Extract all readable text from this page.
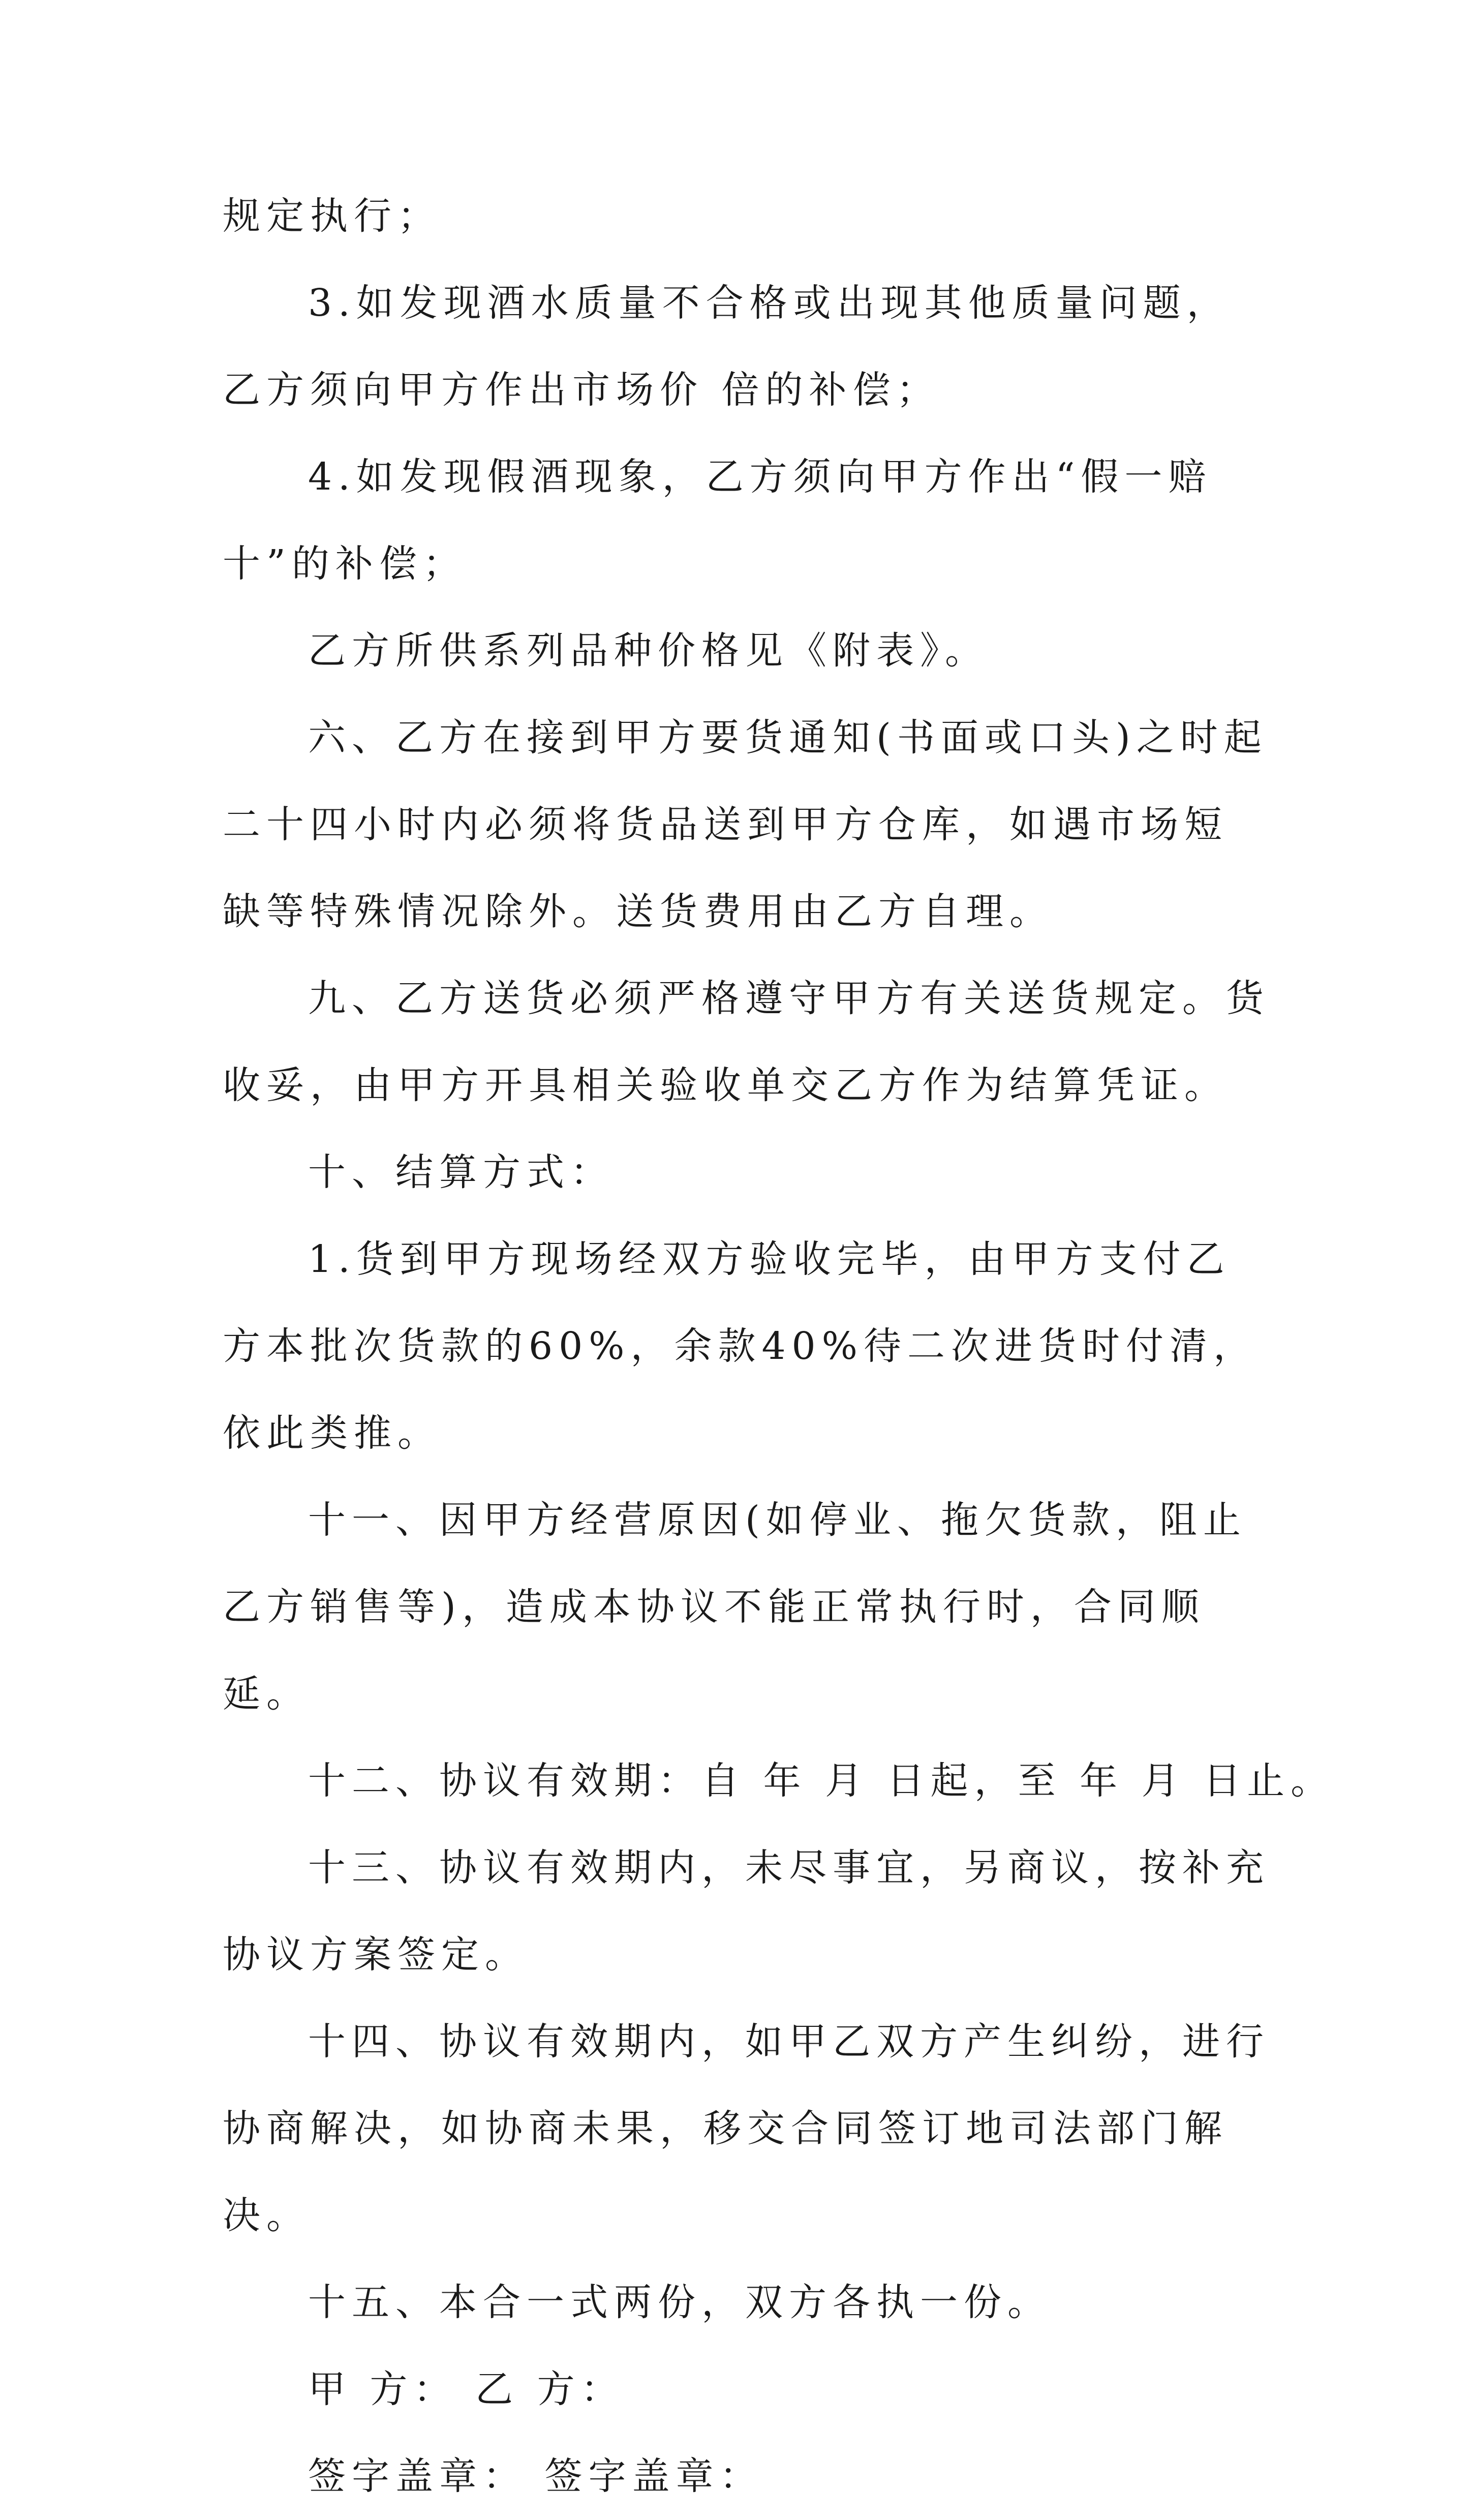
规定执行；

3.如发现酒水质量不合格或出现其他质量问题，乙方须向甲方作出市场价 倍的补偿；

4.如发现假酒现象，乙方须向甲方作出“假一赔十”的补偿；

乙方所供系列品种价格见《附表》。

六、乙方在接到甲方要货通知(书面或口头)之时起二十四小时内必须将货品送到甲方仓库，如遇市场短缺等特殊情况除外。送货费用由乙方自理。

九、乙方送货必须严格遵守甲方有关送货规定。货收妥，由甲方开具相关验收单交乙方作为结算凭证。

十、结算方式：

1.货到甲方现场经双方验收完毕，由甲方支付乙方本批次货款的60%，余款40%待二次进货时付清，依此类推。

十一、因甲方经营原因(如停业、拖欠货款，阻止乙方销售等)，造成本协议不能正常执行时，合同顺延。

十二、协议有效期：自 年 月 日起，至 年 月 日止。

十三、协议有效期内，未尽事宜，另商议，按补充协议方案签定。

十四、协议有效期内，如甲乙双方产生纠纷，进行协商解决，如协商未果，移交合同签订地司法部门解决。

十五、本合一式两份，双方各执一份。

甲 方： 乙 方：

签字盖章： 签字盖章：
